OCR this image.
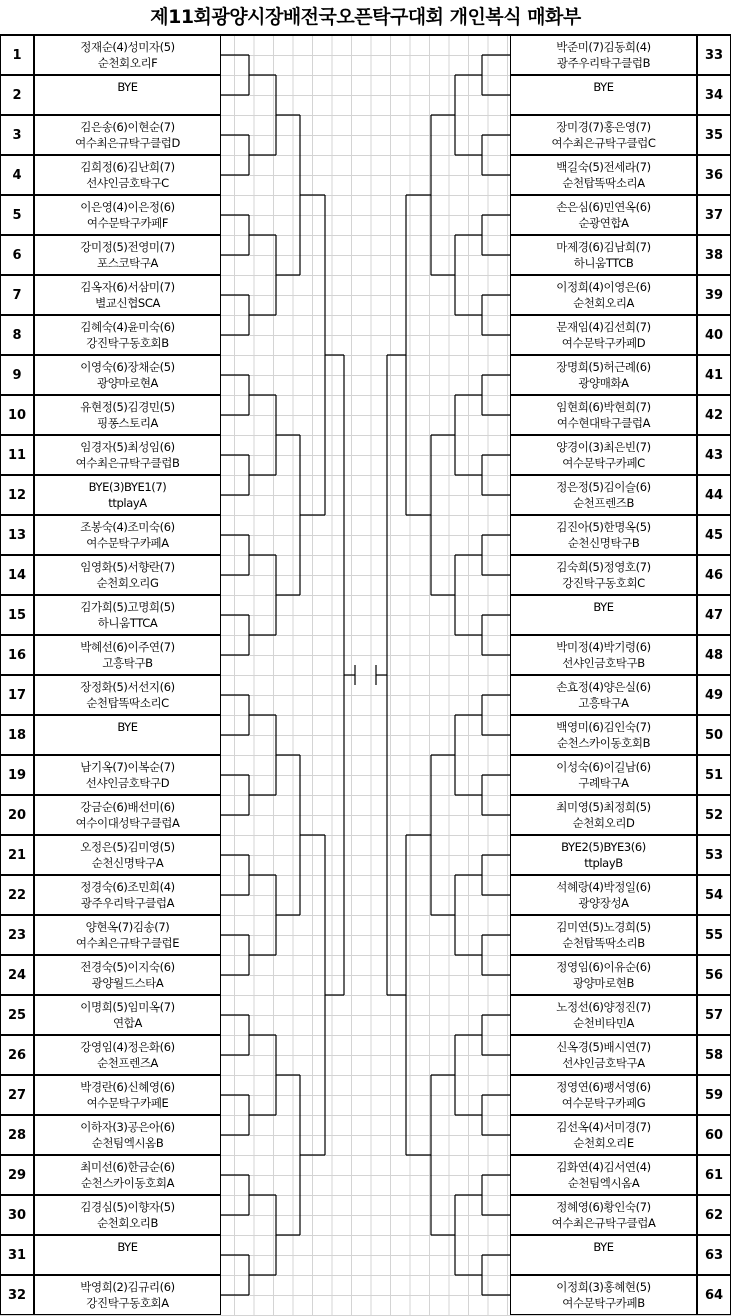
제11회광양시장배전국오픈탁구대회 개인복식 매화부
1
정재순(4)성미자(5)
순천회오리F
2
BYE
3
김은송(6)이현순(7)
여수최은규탁구클럽D
4
김희정(6)김난희(7)
선샤인금호탁구C
5
이은영(4)이은정(6)
여수문탁구카페F
6
강미정(5)전영미(7)
포스코탁구A
7
김옥자(6)서삼미(7)
별교신협SCA
8
김혜숙(4)윤미숙(6)
강진탁구동호회B
9
이영숙(6)장채순(5)
광양마로현A
10
유현정(5)김경민(5)
핑퐁스토리A
11
임경자(5)최성임(6)
여수최은규탁구클럽B
12
BYE(3)BYE1(7)
ttplayA
13
조봉숙(4)조미숙(6)
여수문탁구카페A
14
임영화(5)서향란(7)
순천회오리G
15
김가희(5)고명희(5)
하니움TTCA
16
박혜선(6)이주연(7)
고흥탁구B
17
장정화(5)서선지(6)
순천탑똑딱소리C
18
BYE
19
남기옥(7)이복순(7)
선샤인금호탁구D
20
강금순(6)배선미(6)
여수이대성탁구클럽A
21
오정은(5)김미영(5)
순천신명탁구A
22
정경숙(6)조민희(4)
광주우리탁구클럽A
23
양현옥(7)김송(7)
여수최은규탁구클럽E
24
전경숙(5)이지숙(6)
광양월드스타A
25
이명희(5)임미옥(7)
연합A
26
강영임(4)정은화(6)
순천프렌즈A
27
박경란(6)신혜영(6)
여수문탁구카페E
28
이하자(3)공은아(6)
순천팀엑시옴B
29
최미선(6)한금순(6)
순천스카이동호회A
30
김경심(5)이향자(5)
순천회오리B
31
BYE
32
박영희(2)김규리(6)
강진탁구동호회A
33
박준미(7)김동희(4)
광주우리탁구클럽B
34
BYE
35
장미경(7)홍은영(7)
여수최은규탁구클럽C
36
백길숙(5)전세라(7)
순천탑똑딱소리A
37
손은심(6)민연옥(6)
순광연합A
38
마제경(6)김남희(7)
하니움TTCB
39
이정희(4)이영은(6)
순천회오리A
40
문재임(4)김선희(7)
여수문탁구카페D
41
장명희(5)허근례(6)
광양매화A
42
임현희(6)박현희(7)
여수현대탁구클럽A
43
양경이(3)최은빈(7)
여수문탁구카페C
44
정은정(5)김이슬(6)
순천프렌즈B
45
김진아(5)한명옥(5)
순천신명탁구B
46
김숙희(5)정영호(7)
강진탁구동호회C
47
BYE
48
박미정(4)박기령(6)
선샤인금호탁구B
49
손효정(4)양은실(6)
고흥탁구A
50
백영미(6)김인숙(7)
순천스카이동호회B
51
이성숙(6)이길남(6)
구례탁구A
52
최미영(5)최정희(5)
순천회오리D
53
BYE2(5)BYE3(6)
ttplayB
54
석혜랑(4)박정일(6)
광양장성A
55
김미연(5)노경희(5)
순천탑똑딱소리B
56
정영임(6)이유순(6)
광양마로현B
57
노정선(6)양정진(7)
순천비타민A
58
신옥경(5)배시연(7)
선샤인금호탁구A
59
정영연(6)팽서영(6)
여수문탁구카페G
60
김선옥(4)서미경(7)
순천회오리E
61
김화연(4)김서연(4)
순천팀엑시옴A
62
정혜영(6)황인숙(7)
여수최은규탁구클럽A
63
BYE
64
이정희(3)홍혜현(5)
여수문탁구카페B
